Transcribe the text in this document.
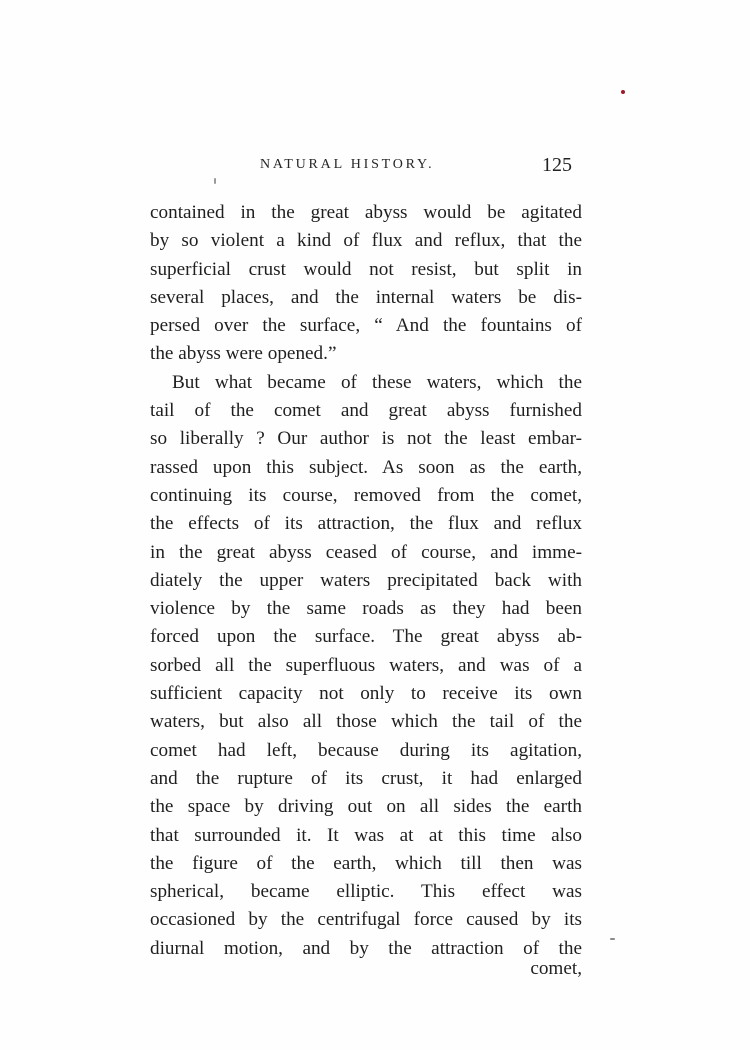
NATURAL HISTORY.	125
contained in the great abyss would be agitated
by so violent a kind of flux and reflux, that the
superficial crust would not resist, but split in
several places, and the internal waters be dis-
persed over the surface, “ And the fountains of
the abyss were opened.”
But what became of these waters, which the
tail of the comet and great abyss furnished
so liberally ? Our author is not the least embar-
rassed upon this subject. As soon as the earth,
continuing its course, removed from the comet,
the effects of its attraction, the flux and reflux
in the great abyss ceased of course, and imme-
diately the upper waters precipitated back with
violence by the same roads as they had been
forced upon the surface. The great abyss ab-
sorbed all the superfluous waters, and was of a
sufficient capacity not only to receive its own
waters, but also all those which the tail of the
comet had left, because during its agitation,
and the rupture of its crust, it had enlarged
the space by driving out on all sides the earth
that surrounded it. It was at at this time also
the figure of the earth, which till then was
spherical, became elliptic. This effect was
occasioned by the centrifugal force caused by its
diurnal motion, and by the attraction of the
comet,
